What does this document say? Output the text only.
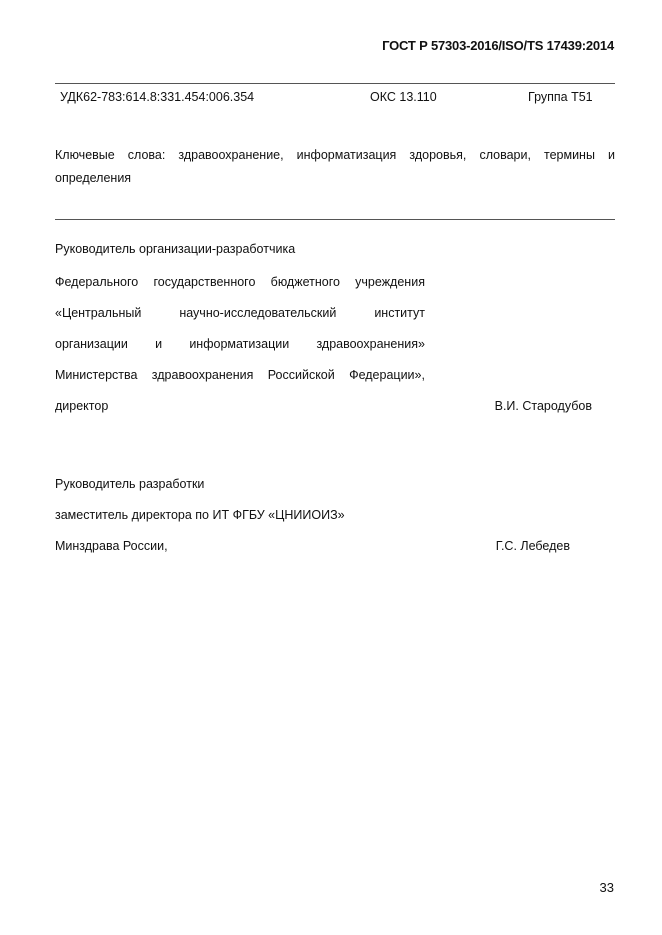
ГОСТ Р 57303-2016/ISO/TS 17439:2014
УДК62-783:614.8:331.454:006.354	ОКС 13.110	Группа Т51
Ключевые слова: здравоохранение, информатизация здоровья, словари, термины и
определения
Руководитель организации-разработчика
Федерального государственного бюджетного учреждения
«Центральный	научно-исследовательский	институт
организации и информатизации здравоохранения»
Министерства здравоохранения Российской Федерации»,
директор	В.И. Стародубов
Руководитель разработки
заместитель директора по ИТ ФГБУ «ЦНИИОИЗ»
Минздрава России,	Г.С. Лебедев
33
